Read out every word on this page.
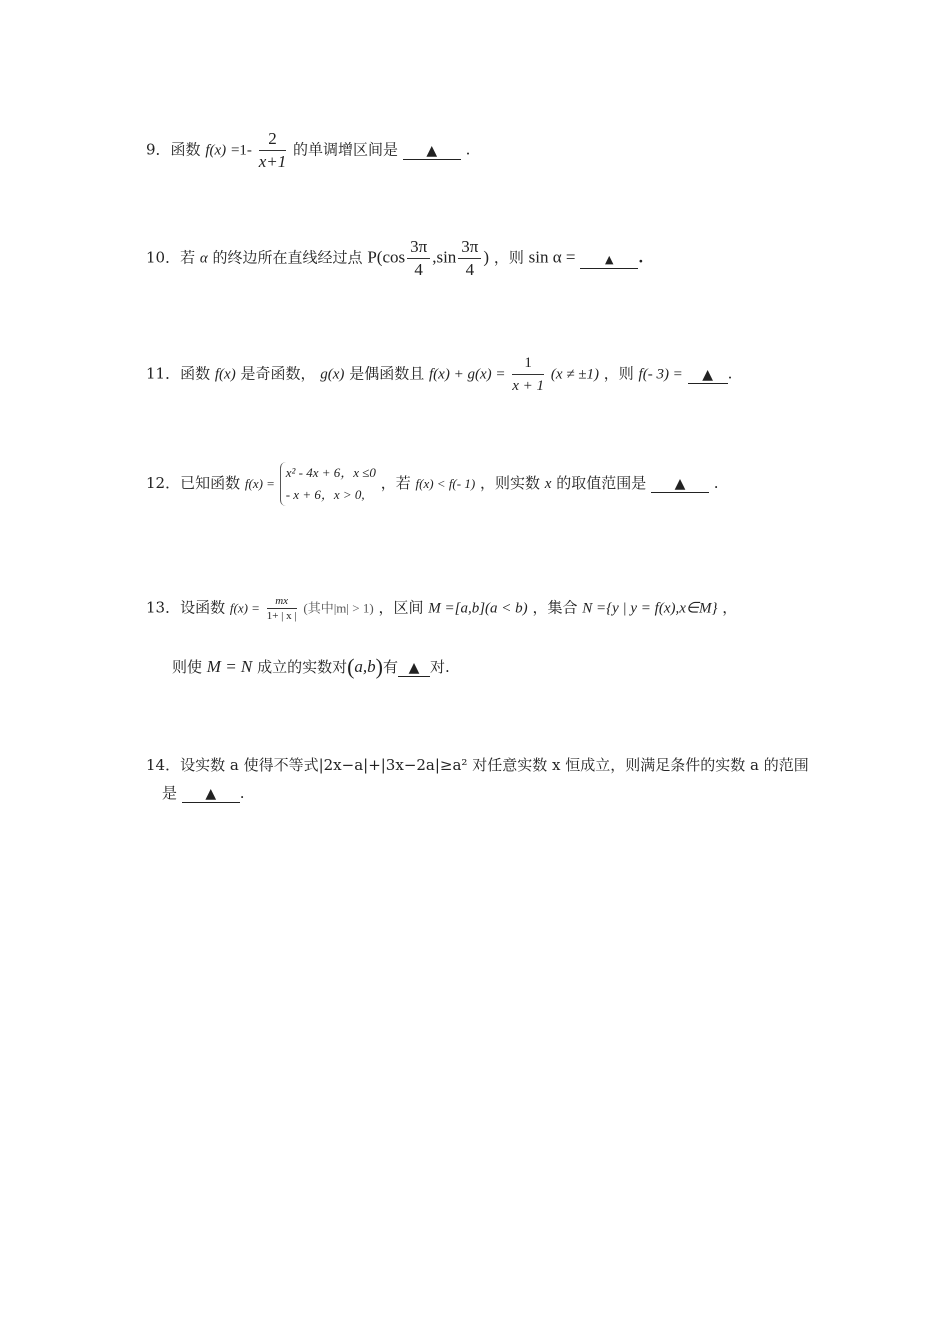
9．函数 $f(x) =1- \frac{2}{x+1}$ 的单调增区间是 ▲ .
10．若 α 的终边所在直线经过点 $P(\cos \frac{3\pi}{4} ,\sin \frac{3\pi}{4}$ ) ，则 sin α =	▲ .
11．函数 f(x) 是奇函数， g(x) 是偶函数且 $f(x) + g(x) = \frac{1}{x + 1} (x \ne \pm 1)$ ，则 f(- 3) = ▲ .
12．已知函数 f(x) =
x² - 4x + 6，x ≤0
- x + 6，x > 0,
，若 f(x) < f(- 1) ，则实数 x 的取值范围是 ▲ .
13．设函数 $f(x) = \frac{mx}{1+ | x |}$ (其中|m| > 1) ，区间 M =[a,b](a < b) ，集合 N ={y | y = f(x),x∈M} ，
则使 M = N 成立的实数对(a,b)有 ▲ 对.
14．设实数 a 使得不等式|2x−a|+|3x−2a|≥a² 对任意实数 x 恒成立，则满足条件的实数 a 的范围
是 ▲ .
